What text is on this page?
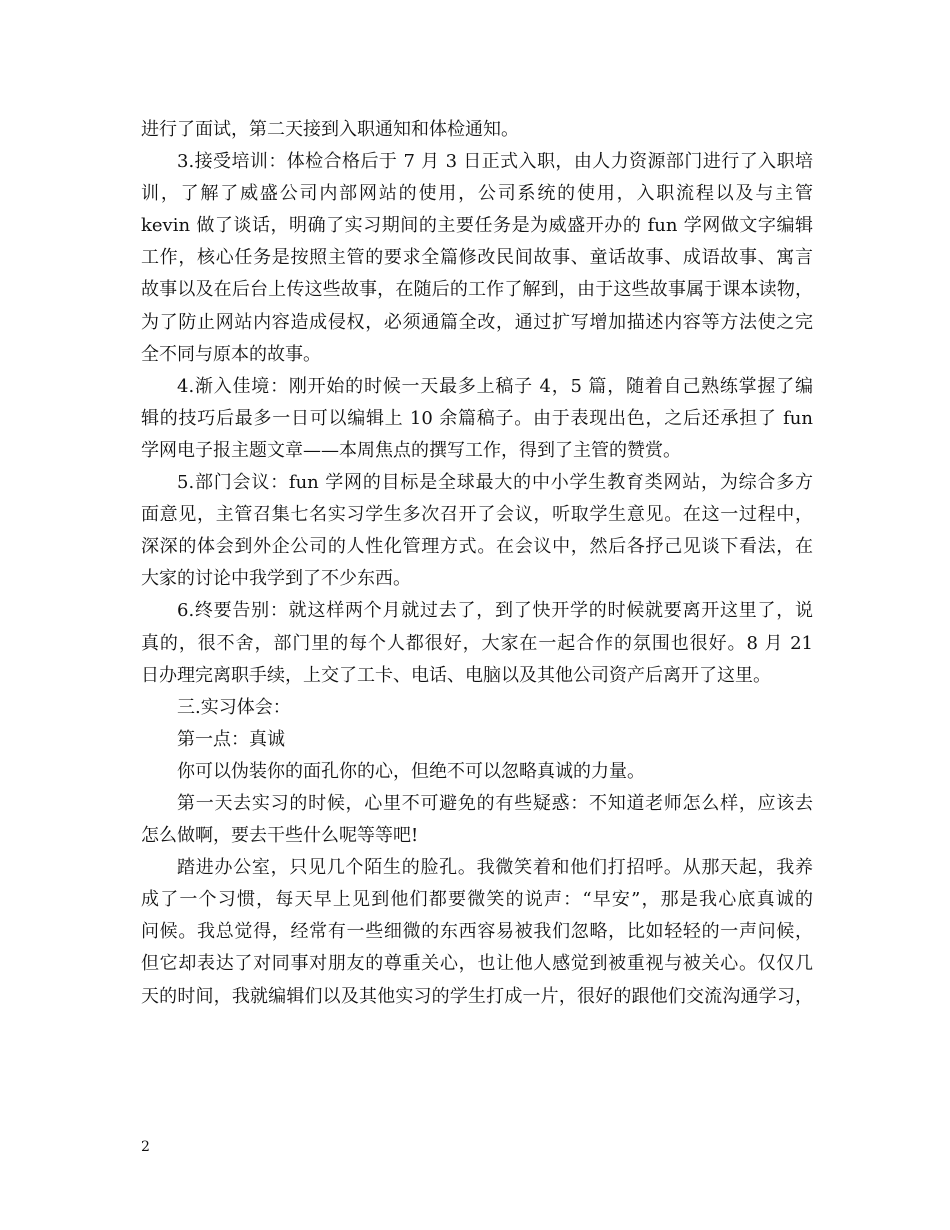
进行了面试，第二天接到入职通知和体检通知。
3.接受培训：体检合格后于 7 月 3 日正式入职，由人力资源部门进行了入职培
训，了解了威盛公司内部网站的使用，公司系统的使用，入职流程以及与主管
kevin 做了谈话，明确了实习期间的主要任务是为威盛开办的 fun 学网做文字编辑
工作，核心任务是按照主管的要求全篇修改民间故事、童话故事、成语故事、寓言
故事以及在后台上传这些故事，在随后的工作了解到，由于这些故事属于课本读物，
为了防止网站内容造成侵权，必须通篇全改，通过扩写增加描述内容等方法使之完
全不同与原本的故事。
4.渐入佳境：刚开始的时候一天最多上稿子 4，5 篇，随着自己熟练掌握了编
辑的技巧后最多一日可以编辑上 10 余篇稿子。由于表现出色，之后还承担了 fun
学网电子报主题文章——本周焦点的撰写工作，得到了主管的赞赏。
5.部门会议：fun 学网的目标是全球最大的中小学生教育类网站，为综合多方
面意见，主管召集七名实习学生多次召开了会议，听取学生意见。在这一过程中，
深深的体会到外企公司的人性化管理方式。在会议中，然后各抒己见谈下看法，在
大家的讨论中我学到了不少东西。
6.终要告别：就这样两个月就过去了，到了快开学的时候就要离开这里了，说
真的，很不舍，部门里的每个人都很好，大家在一起合作的氛围也很好。8 月 21
日办理完离职手续，上交了工卡、电话、电脑以及其他公司资产后离开了这里。
三.实习体会：
第一点：真诚
你可以伪装你的面孔你的心，但绝不可以忽略真诚的力量。
第一天去实习的时候，心里不可避免的有些疑惑：不知道老师怎么样，应该去
怎么做啊，要去干些什么呢等等吧!
踏进办公室，只见几个陌生的脸孔。我微笑着和他们打招呼。从那天起，我养
成了一个习惯，每天早上见到他们都要微笑的说声：“早安”，那是我心底真诚的
问候。我总觉得，经常有一些细微的东西容易被我们忽略，比如轻轻的一声问候，
但它却表达了对同事对朋友的尊重关心，也让他人感觉到被重视与被关心。仅仅几
天的时间，我就编辑们以及其他实习的学生打成一片，很好的跟他们交流沟通学习，
2
